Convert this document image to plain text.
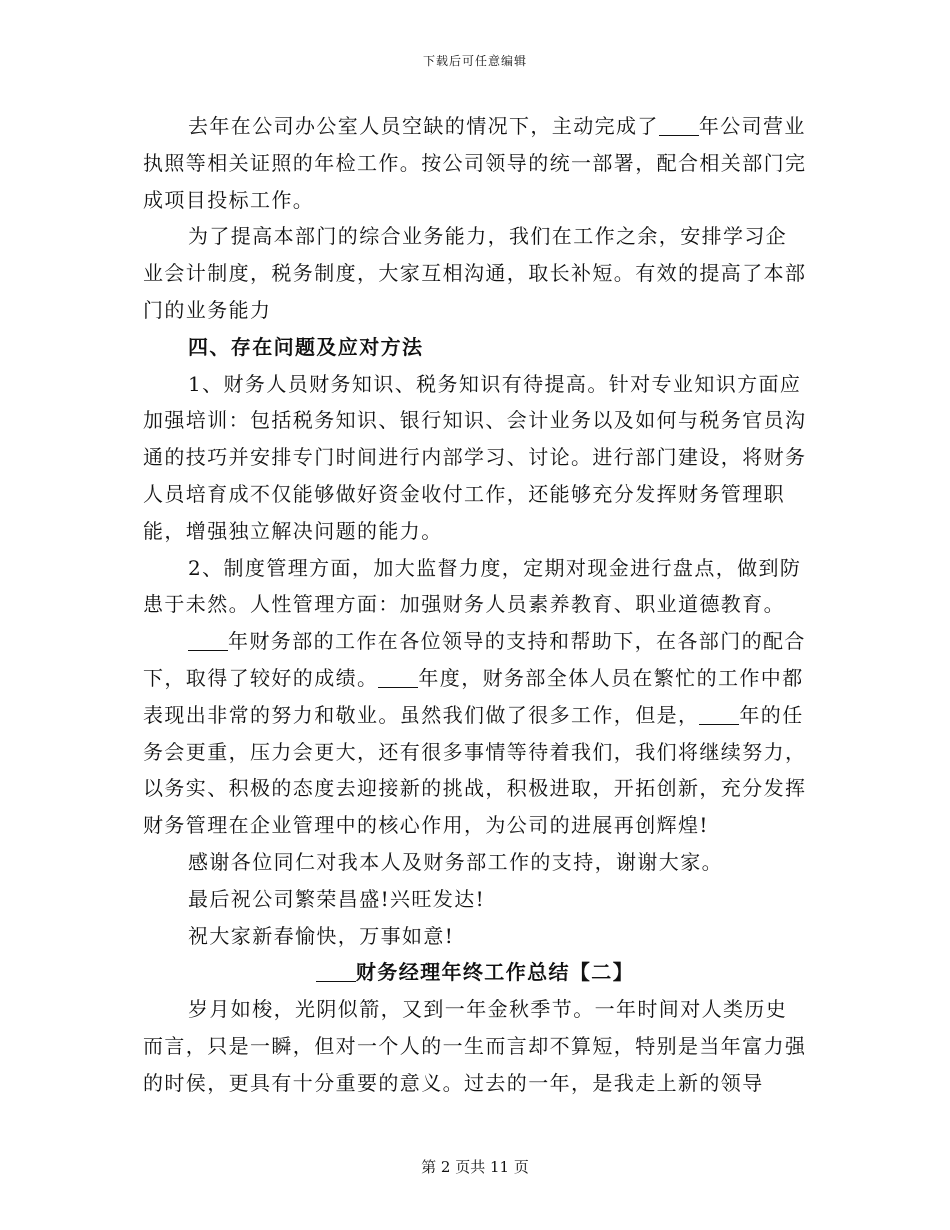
下载后可任意编辑

去年在公司办公室人员空缺的情况下，主动完成了 年公司营业执照等相关证照的年检工作。按公司领导的统一部署，配合相关部门完成项目投标工作。

为了提高本部门的综合业务能力，我们在工作之余，安排学习企业会计制度，税务制度，大家互相沟通，取长补短。有效的提高了本部门的业务能力

四、存在问题及应对方法

1、财务人员财务知识、税务知识有待提高。针对专业知识方面应加强培训：包括税务知识、银行知识、会计业务以及如何与税务官员沟通的技巧并安排专门时间进行内部学习、讨论。进行部门建设，将财务人员培育成不仅能够做好资金收付工作，还能够充分发挥财务管理职能，增强独立解决问题的能力。

2、制度管理方面，加大监督力度，定期对现金进行盘点，做到防患于未然。人性管理方面：加强财务人员素养教育、职业道德教育。

年财务部的工作在各位领导的支持和帮助下，在各部门的配合下，取得了较好的成绩。 年度，财务部全体人员在繁忙的工作中都表现出非常的努力和敬业。虽然我们做了很多工作，但是， 年的任务会更重，压力会更大，还有很多事情等待着我们，我们将继续努力，以务实、积极的态度去迎接新的挑战，积极进取，开拓创新，充分发挥财务管理在企业管理中的核心作用，为公司的进展再创辉煌!

感谢各位同仁对我本人及财务部工作的支持，谢谢大家。

最后祝公司繁荣昌盛!兴旺发达!

祝大家新春愉快，万事如意!

财务经理年终工作总结【二】

岁月如梭，光阴似箭，又到一年金秋季节。一年时间对人类历史而言，只是一瞬，但对一个人的一生而言却不算短，特别是当年富力强的时侯，更具有十分重要的意义。过去的一年，是我走上新的领导

第 2 页共 11 页
